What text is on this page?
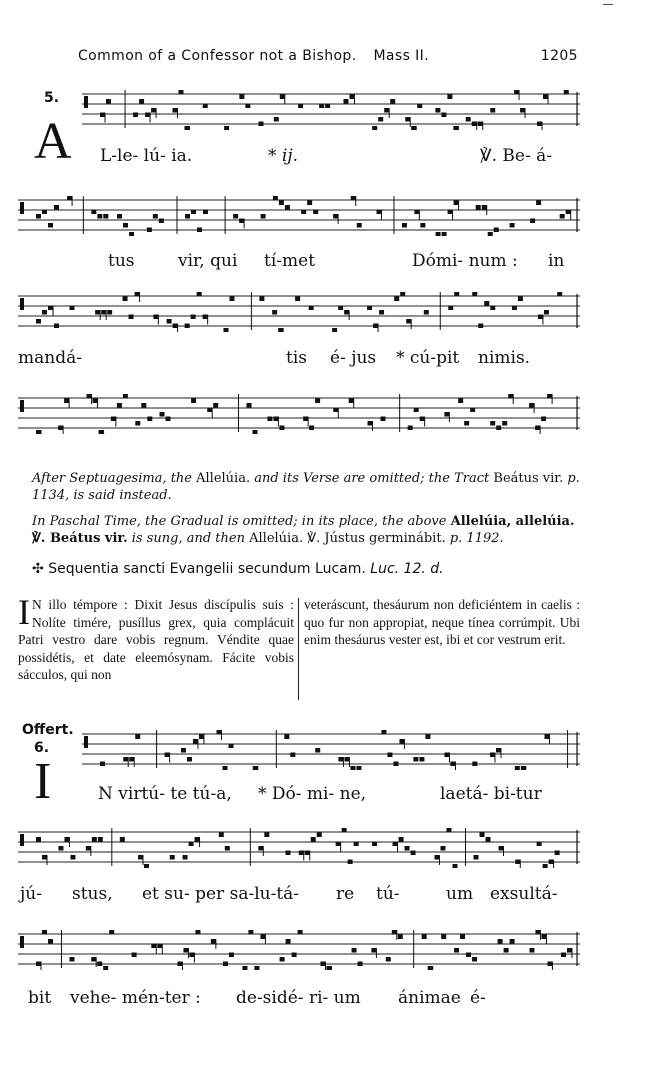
Common of a Confessor not a Bishop. Mass II.	1205
5.
A L-le- lú- ia.	* ij.	℣. Be- á-
tus	vir, qui tí-met	Dómi- num : in
mandá-	tis é- jus * cú-pit nimis.
After Septuagesima, the Allelúia. and its Verse are omitted; the Tract Beátus vir. p. 1134, is said instead.
In Paschal Time, the Gradual is omitted; in its place, the above Allelúia, allelúia. ℣. Beátus vir. is sung, and then Allelúia. ℣. Jústus germinábit. p. 1192.
✣ Sequentia sancti Evangelii secundum Lucam. Luc. 12. d.
I N illo témpore : Dixit Jesus discípulis suis : Nolíte timére, pusíllus grex, quia complácuit Patri vestro dare vobis regnum. Véndite quae possidétis, et date eleemósynam. Fácite vobis sácculos, qui non
veteráscunt, thesáurum non deficiéntem in caelis : quo fur non appropiat, neque tínea corrúmpit. Ubi enim thesáurus vester est, ibi et cor vestrum erit.
Offert.
6.
I	N virtú- te tú-a, * Dó- mi- ne,	laetá- bi-tur
jú- stus, et su- per sa-lu-tá- re tú-	um exsultá-
bit vehe- mén-ter : de-sidé- ri- um ánimae é-
